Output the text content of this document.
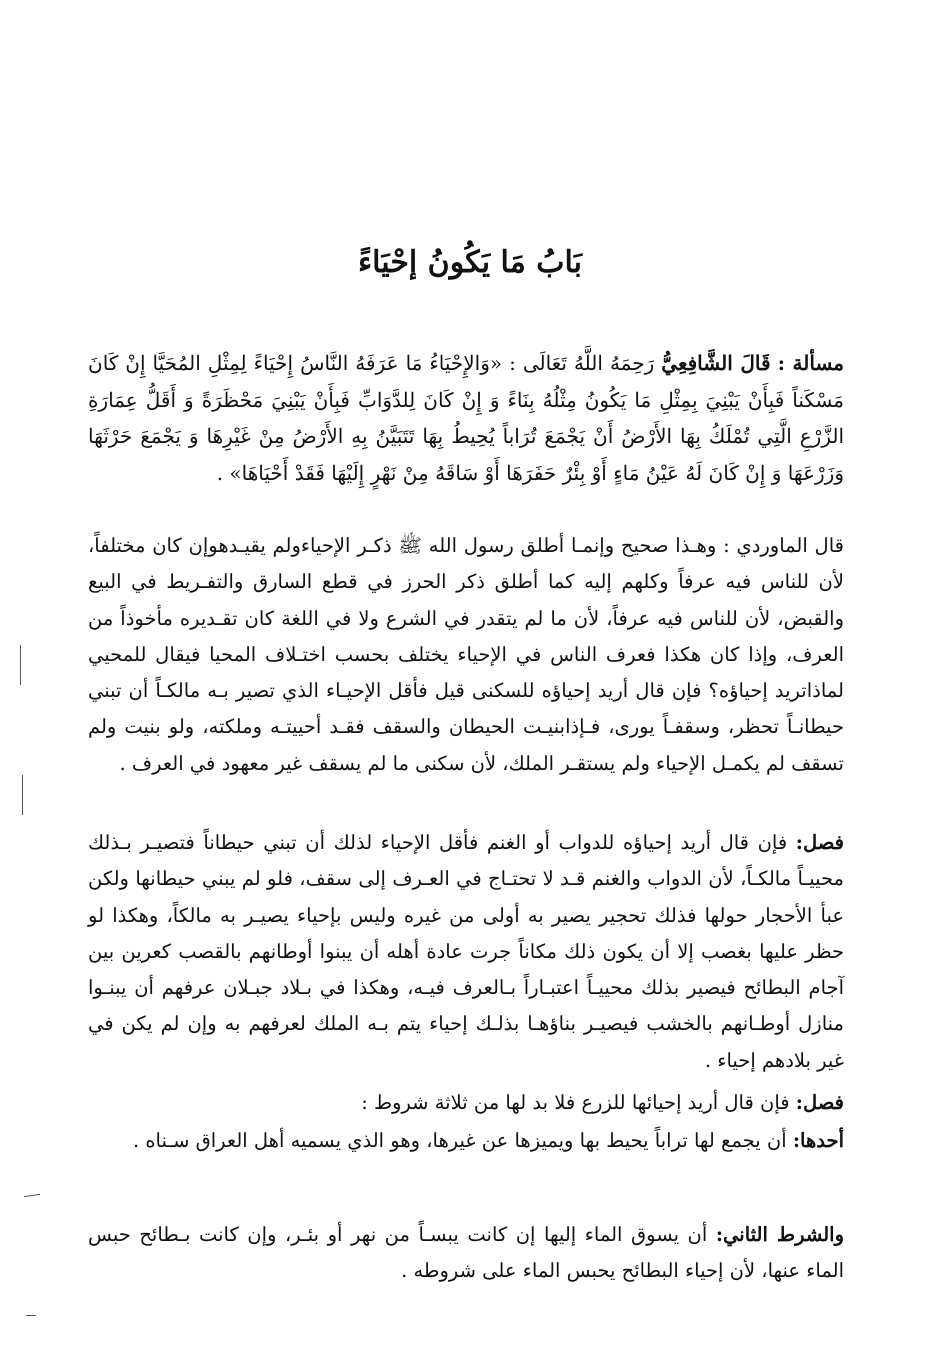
بَابُ مَا يَكُونُ إحْيَاءً
مسألة : قَالَ الشَّافِعِيُّ رَحِمَهُ اللَّهُ تَعَالَى : «وَالإِحْيَاءُ مَا عَرَفَهُ النَّاسُ إِحْيَاءً لِمِثْلِ المُحَيَّا إِنْ كَانَ مَسْكَناً فَبِأَنْ يَبْنِيَ بِمِثْلِ مَا يَكُونُ مِثْلُهُ بِنَاءً وَ إِنْ كَانَ لِلدَّوَابِّ فَبِأَنْ يَبْنِيَ مَحْظَرَةً وَ أَقَلُّ عِمَارَةِ الزَّرْعِ الَّتِي تُمْلَكُ بِهَا الأَرْضُ أَنْ يَجْمَعَ تُرَاباً يُحِيطُ بِهَا تَتَبَيَّنُ بِهِ الأَرْضُ مِنْ غَيْرِهَا وَ يَجْمَعَ حَرْثَهَا وَزَرْعَهَا وَ إِنْ كَانَ لَهُ عَيْنُ مَاءٍ أَوْ بِئْرٌ حَفَرَهَا أَوْ سَاقَهُ مِنْ نَهْرٍ إِلَيْهَا فَقَدْ أَحْيَاهَا» .
قال الماوردي : وهـذا صحيح وإنمـا أطلق رسول الله ﷺ ذكـر الإحياءولم يقيـدهوإن كان مختلفاً، لأن للناس فيه عرفاً وكلهم إليه كما أطلق ذكر الحرز في قطع السارق والتفـريط في البيع والقبض، لأن للناس فيه عرفاً، لأن ما لم يتقدر في الشرع ولا في اللغة كان تقـديره مأخوذاً من العرف، وإذا كان هكذا فعرف الناس في الإحياء يختلف بحسب اختـلاف المحيا فيقال للمحيي لماذاتريد إحياؤه؟ فإن قال أريد إحياؤه للسكنى قيل فأقل الإحيـاء الذي تصير بـه مالكـاً أن تبني حيطانـاً تحظر، وسقفـاً يورى، فـإذابنيـت الحيطان والسقف فقـد أحييتـه وملكته، ولو بنيت ولم تسقف لم يكمـل الإحياء ولم يستقـر الملك، لأن سكنى ما لم يسقف غير معهود في العرف .
فصل: فإن قال أريد إحياؤه للدواب أو الغنم فأقل الإحياء لذلك أن تبني حيطاناً فتصيـر بـذلك محييـاً مالكـاً، لأن الدواب والغنم قـد لا تحتـاج في العـرف إلى سقف، فلو لم يبني حيطانها ولكن عبأ الأحجار حولها فذلك تحجير يصير به أولى من غيره وليس بإحياء يصيـر به مالكاً، وهكذا لو حظر عليها بغصب إلا أن يكون ذلك مكاناً جرت عادة أهله أن يبنوا أوطانهم بالقصب كعرين بين آجام البطائح فيصير بذلك محييـاً اعتبـاراً بـالعرف فيـه، وهكذا في بـلاد جبـلان عرفهم أن يبنـوا منازل أوطـانهم بالخشب فيصيـر بناؤهـا بذلـك إحياء يتم بـه الملك لعرفهم به وإن لم يكن في غير بلادهم إحياء .
فصل: فإن قال أريد إحيائها للزرع فلا بد لها من ثلاثة شروط :
أحدها: أن يجمع لها تراباً يحيط بها ويميزها عن غيرها، وهو الذي يسميه أهل العراق سـناه .
والشرط الثاني: أن يسوق الماء إليها إن كانت يبسـاً من نهر أو بئـر، وإن كانت بـطائح حبس الماء عنها، لأن إحياء البطائح يحبس الماء على شروطه .
